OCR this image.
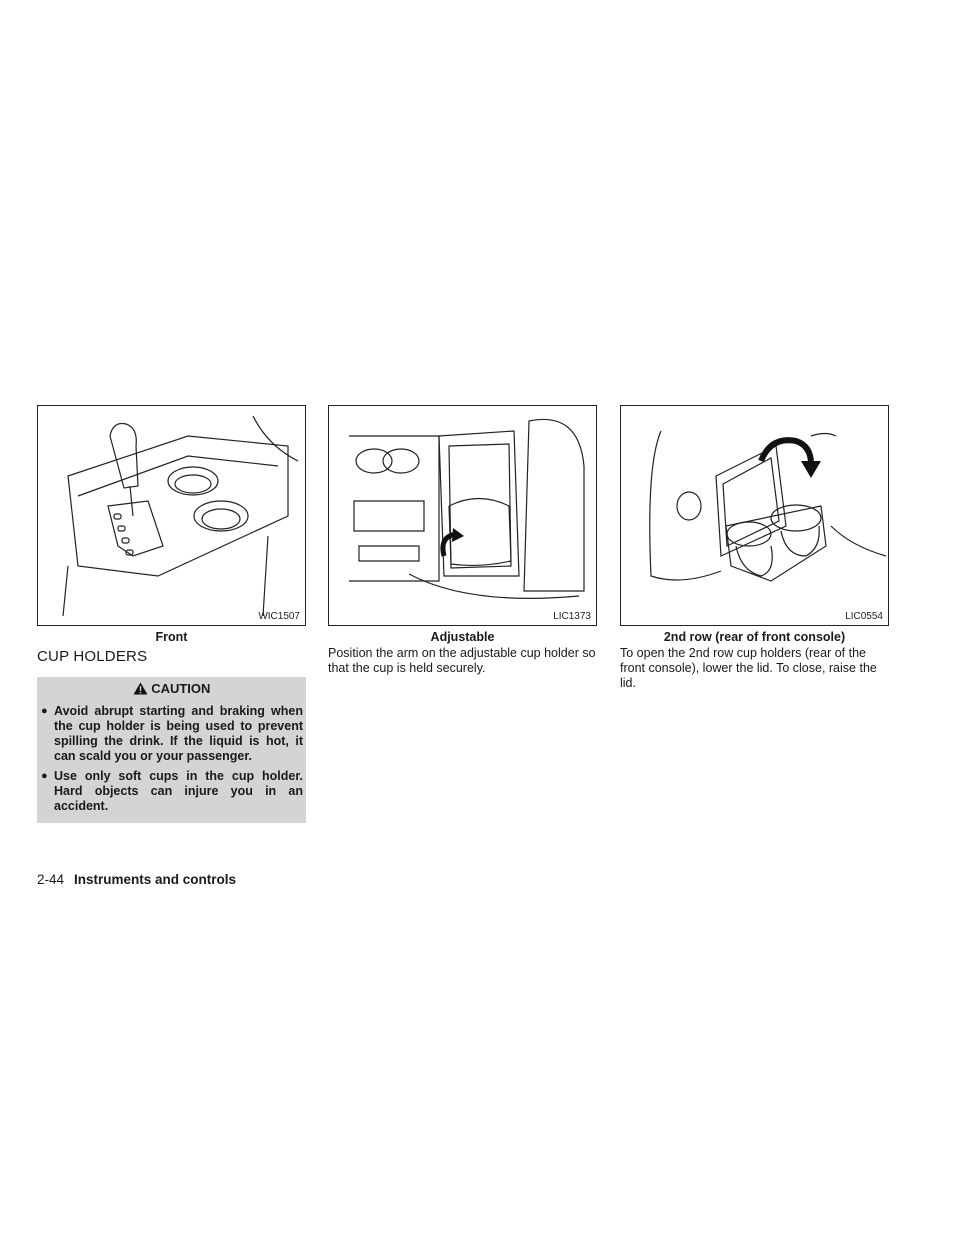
WIC1507
Front
CUP HOLDERS
CAUTION
● Avoid abrupt starting and braking when the cup holder is being used to prevent spilling the drink. If the liquid is hot, it can scald you or your passenger.
● Use only soft cups in the cup holder. Hard objects can injure you in an accident.
LIC1373
Adjustable
Position the arm on the adjustable cup holder so that the cup is held securely.
LIC0554
2nd row (rear of front console)
To open the 2nd row cup holders (rear of the front console), lower the lid. To close, raise the lid.
2-44 Instruments and controls
